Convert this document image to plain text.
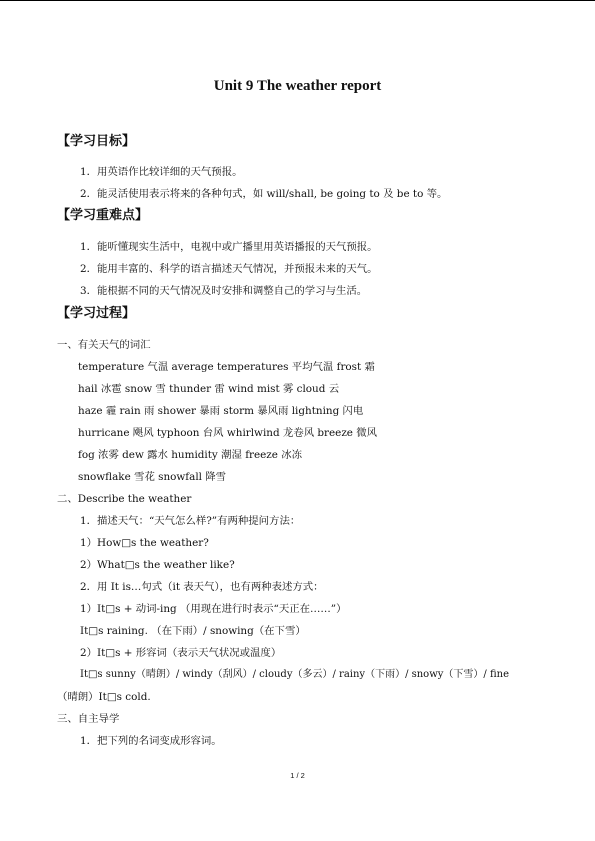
Unit 9 The weather report
【学习目标】
1．用英语作比较详细的天气预报。
2．能灵活使用表示将来的各种句式，如 will/shall, be going to 及 be to 等。
【学习重难点】
1．能听懂现实生活中，电视中或广播里用英语播报的天气预报。
2．能用丰富的、科学的语言描述天气情况，并预报未来的天气。
3．能根据不同的天气情况及时安排和调整自己的学习与生活。
【学习过程】
一、有关天气的词汇
temperature 气温 average temperatures 平均气温 frost 霜
hail 冰雹 snow 雪 thunder 雷 wind mist 雾 cloud 云
haze 霾 rain 雨 shower 暴雨 storm 暴风雨 lightning 闪电
hurricane 飓风 typhoon 台风 whirlwind 龙卷风 breeze 微风
fog 浓雾 dew 露水 humidity 潮湿 freeze 冰冻
snowflake 雪花 snowfall 降雪
二、Describe the weather
1．描述天气：“天气怎么样?”有两种提问方法：
1）How□s the weather?
2）What□s the weather like?
2．用 It is…句式（it 表天气），也有两种表述方式：
1）It□s + 动词-ing （用现在进行时表示“天正在……”）
It□s raining. （在下雨）/ snowing（在下雪）
2）It□s + 形容词（表示天气状况或温度）
It□s sunny（晴朗）/ windy（刮风）/ cloudy（多云）/ rainy（下雨）/ snowy（下雪）/ fine
（晴朗）It□s cold.
三、自主导学
1．把下列的名词变成形容词。
1 / 2
